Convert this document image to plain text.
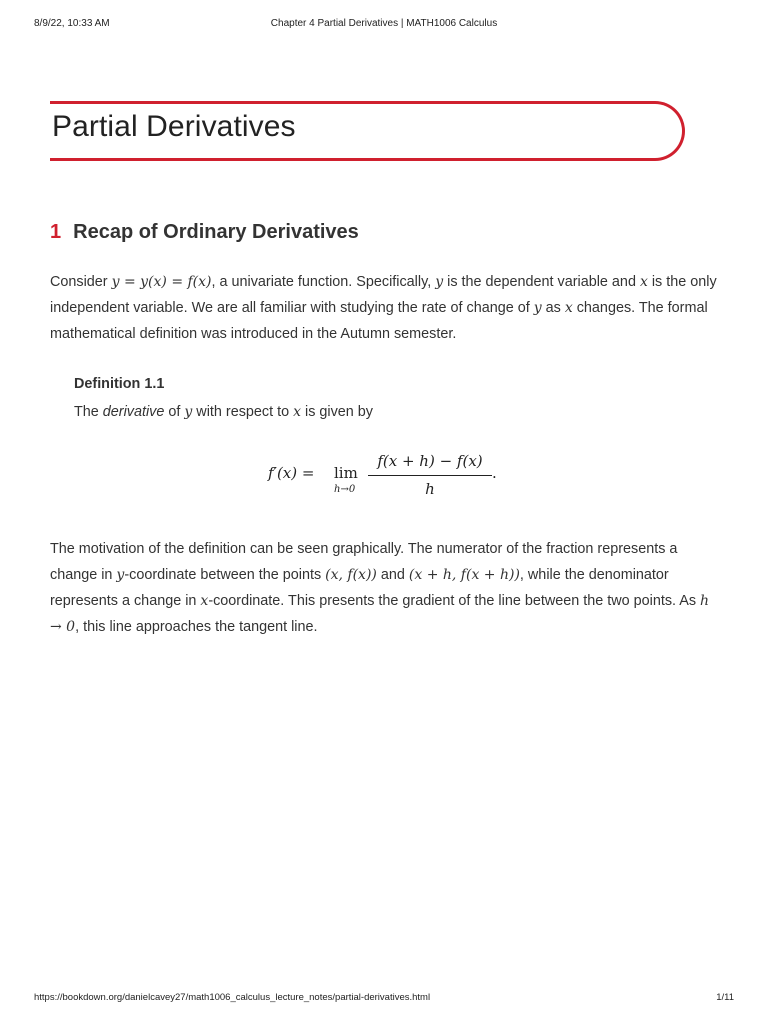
8/9/22, 10:33 AM	Chapter 4 Partial Derivatives | MATH1006 Calculus
Partial Derivatives
1 Recap of Ordinary Derivatives

Consider y = y(x) = f(x), a univariate function. Specifically, y is the dependent variable and x is the only independent variable. We are all familiar with studying the rate of change of y as x changes. The formal mathematical definition was introduced in the Autumn semester.

Definition 1.1

The derivative of y with respect to x is given by

f′(x) = lim
h→0
f(x + h) − f(x)
h
.

The motivation of the definition can be seen graphically. The numerator of the fraction represents a change in y-coordinate between the points (x, f(x)) and (x + h, f(x + h)), while the denominator represents a change in x-coordinate. This presents the gradient of the line between the two points. As h → 0, this line approaches the tangent line.

https://bookdown.org/danielcavey27/math1006_calculus_lecture_notes/partial-derivatives.html	1/11
